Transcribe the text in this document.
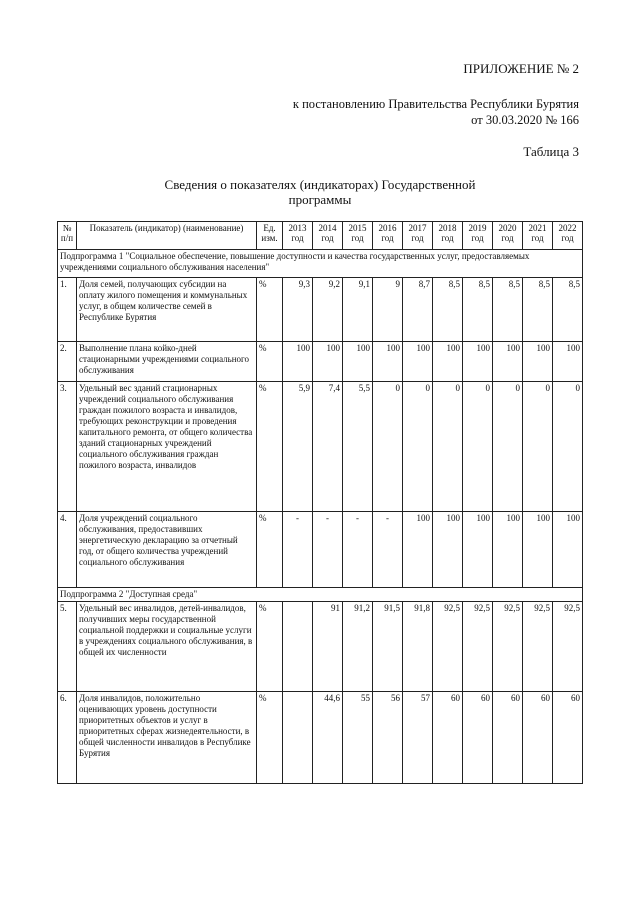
ПРИЛОЖЕНИЕ № 2
к постановлению Правительства Республики Бурятия
от 30.03.2020 № 166
Таблица 3
Сведения о показателях (индикаторах) Государственной
программы
№ п/п	Показатель (индикатор) (наименование)	Ед. изм.	2013 год	2014 год	2015 год	2016 год	2017 год	2018 год	2019 год	2020 год	2021 год	2022 год
Подпрограмма 1 "Социальное обеспечение, повышение доступности и качества государственных услуг, предоставляемых учреждениями социального обслуживания населения"												
1.	Доля семей, получающих субсидии на оплату жилого помещения и коммунальных услуг, в общем количестве семей в Республике Бурятия	%	9,3	9,2	9,1	9	8,7	8,5	8,5	8,5	8,5	8,5
2.	Выполнение плана койко-дней стационарными учреждениями социального обслуживания	%	100	100	100	100	100	100	100	100	100	100
3.	Удельный вес зданий стационарных учреждений социального обслуживания граждан пожилого возраста и инвалидов, требующих реконструкции и проведения капитального ремонта, от общего количества зданий стационарных учреждений социального обслуживания граждан пожилого возраста, инвалидов	%	5,9	7,4	5,5	0	0	0	0	0	0	0
4.	Доля учреждений социального обслуживания, предоставивших энергетическую декларацию за отчетный год, от общего количества учреждений социального обслуживания	%	-	-	-	-	100	100	100	100	100	100
Подпрограмма 2 "Доступная среда"												
5.	Удельный вес инвалидов, детей-инвалидов, получивших меры государственной социальной поддержки и социальные услуги в учреждениях социального обслуживания, в общей их численности	%		91	91,2	91,5	91,8	92,5	92,5	92,5	92,5	92,5
6.	Доля инвалидов, положительно оценивающих уровень доступности приоритетных объектов и услуг в приоритетных сферах жизнедеятельности, в общей численности инвалидов в Республике Бурятия	%		44,6	55	56	57	60	60	60	60	60
